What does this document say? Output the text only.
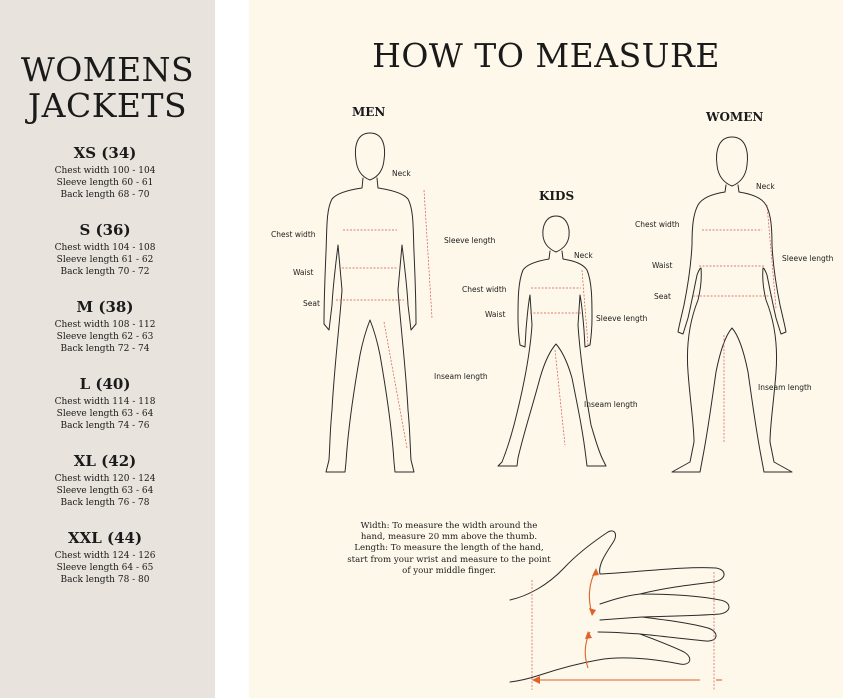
WOMENS
JACKETS
XS (34)
Chest width 100 - 104
Sleeve length 60 - 61
Back length 68 - 70
S (36)
Chest width 104 - 108
Sleeve length 61 - 62
Back length 70 - 72
M (38)
Chest width 108 - 112
Sleeve length 62 - 63
Back length 72 - 74
L (40)
Chest width 114 - 118
Sleeve length 63 - 64
Back length 74 - 76
XL (42)
Chest width 120 - 124
Sleeve length 63 - 64
Back length 76 - 78
XXL (44)
Chest width 124 - 126
Sleeve length 64 - 65
Back length 78 - 80
HOW TO MEASURE
MEN
KIDS
WOMEN
Neck
Chest width
Waist
Seat
Sleeve length
Inseam length
Neck
Chest width
Waist	Sleeve length
Inseam length
Neck
Chest width
Waist
Seat
Sleeve length
Inseam length
Width: To measure the width around the
hand, measure 20 mm above the thumb.
Length: To measure the length of the hand,
start from your wrist and measure to the point
of your middle finger.
